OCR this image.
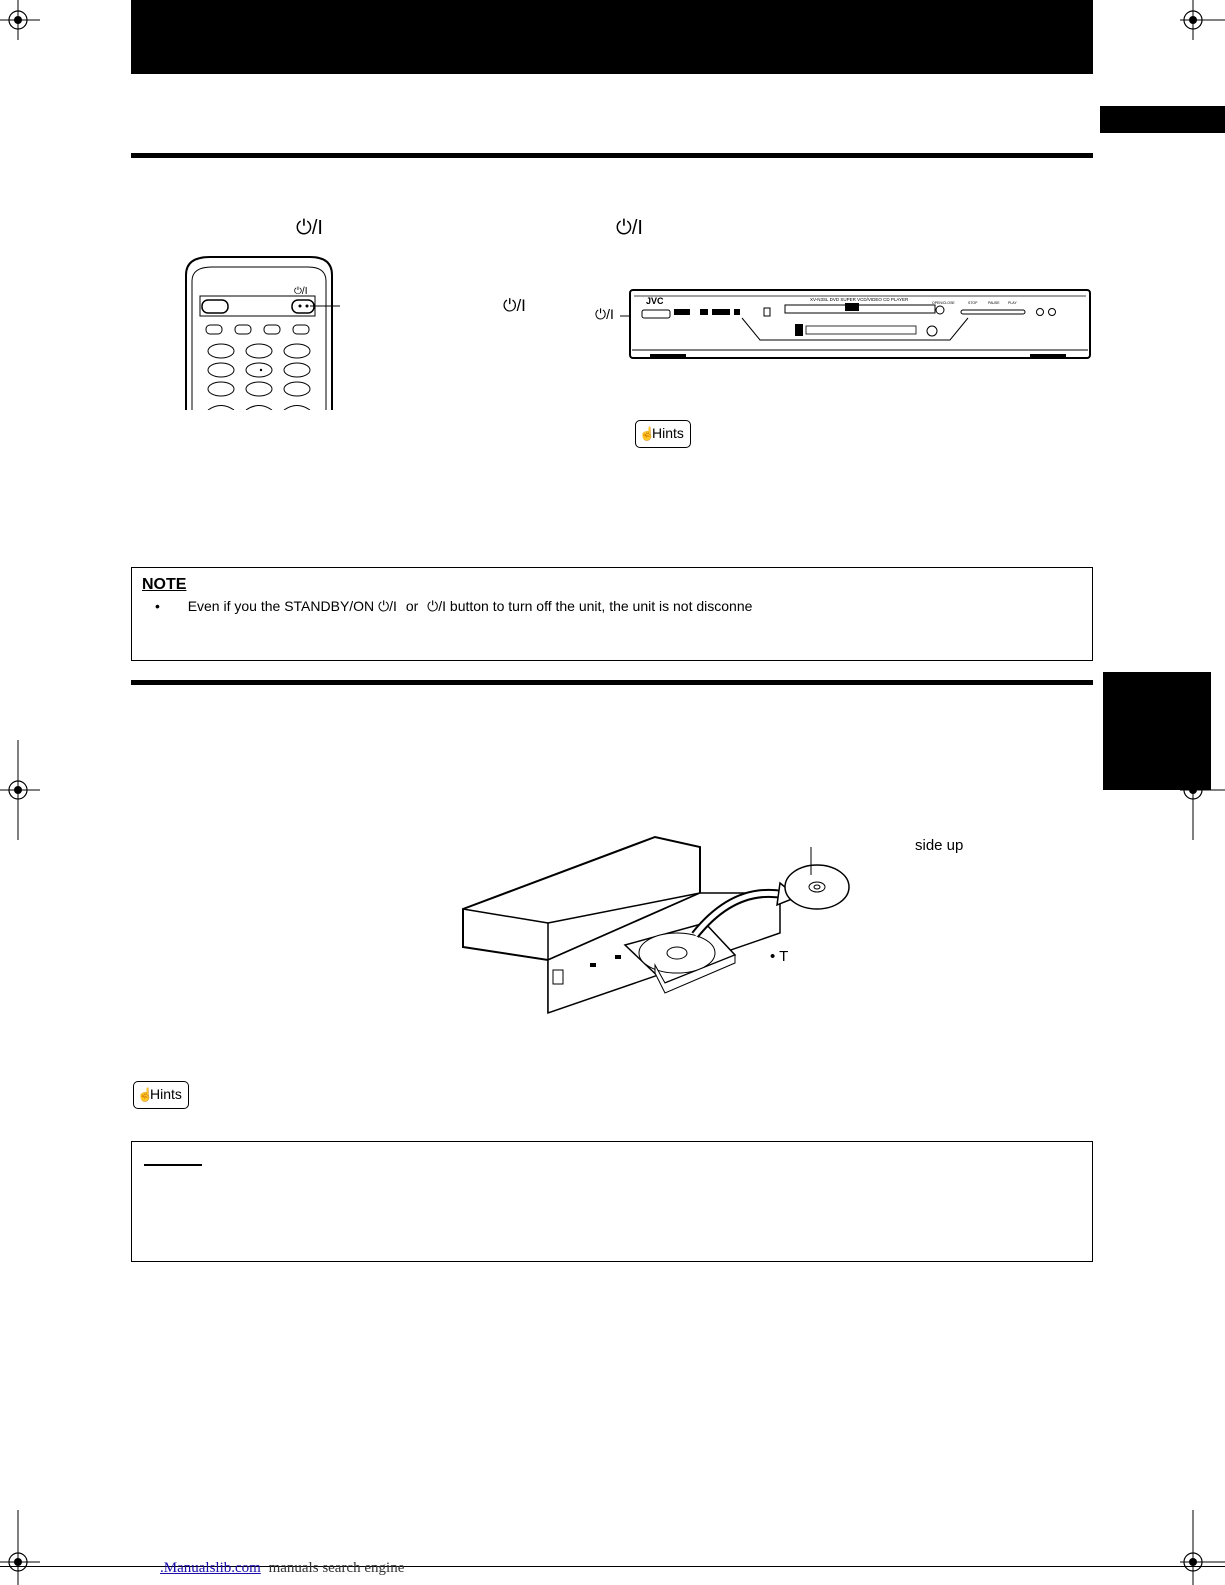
⏻/I	⏻/I
⏻/I
⏻/I	⏻/I
JVC	XV-N3SL DVD SUPER VCD/VIDEO CD PLAYER
OPEN/CLOSE	STOP	PAUSE PLAY
☝
Hints
NOTE
• Even if you the STANDBY/ON ⏻/I or ⏻/I button to turn off the unit, the unit is not disconne
side up
• T
☝
Hints
.Manualslib.com manuals search engine
